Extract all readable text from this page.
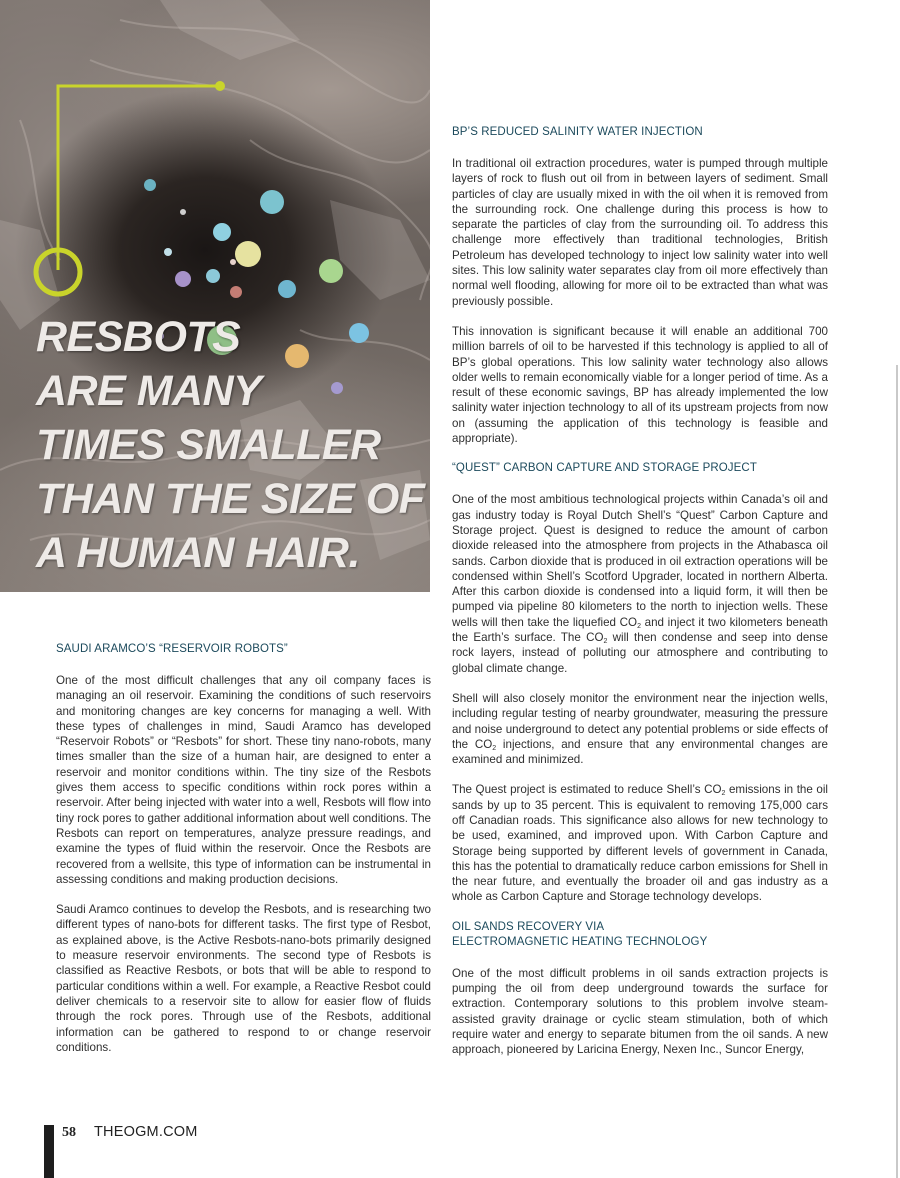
RESBOTS
ARE MANY
TIMES SMALLER
THAN THE SIZE OF
A HUMAN HAIR.
SAUDI ARAMCO’S “RESERVOIR ROBOTS”

One of the most difficult challenges that any oil company faces is managing an oil reservoir. Examining the conditions of such reservoirs and monitoring changes are key concerns for managing a well. With these types of challenges in mind, Saudi Aramco has developed “Reservoir Robots” or “Resbots” for short. These tiny nano-robots, many times smaller than the size of a human hair, are designed to enter a reservoir and monitor conditions within. The tiny size of the Resbots gives them access to specific conditions within rock pores within a reservoir. After being injected with water into a well, Resbots will flow into tiny rock pores to gather additional information about well conditions. The Resbots can report on temperatures, analyze pressure readings, and examine the types of fluid within the reservoir. Once the Resbots are recovered from a wellsite, this type of information can be instrumental in assessing conditions and making production decisions.

Saudi Aramco continues to develop the Resbots, and is researching two different types of nano-bots for different tasks. The first type of Resbot, as explained above, is the Active Resbots-nano-bots primarily designed to measure reservoir environments. The second type of Resbots is classified as Reactive Resbots, or bots that will be able to respond to particular conditions within a well. For example, a Reactive Resbot could deliver chemicals to a reservoir site to allow for easier flow of fluids through the rock pores. Through use of the Resbots, additional information can be gathered to respond to or change reservoir conditions.

BP’S REDUCED SALINITY WATER INJECTION

In traditional oil extraction procedures, water is pumped through multiple layers of rock to flush out oil from in between layers of sediment. Small particles of clay are usually mixed in with the oil when it is removed from the surrounding rock. One challenge during this process is how to separate the particles of clay from the surrounding oil. To address this challenge more effectively than traditional technologies, British Petroleum has developed technology to inject low salinity water into well sites. This low salinity water separates clay from oil more effectively than normal well flooding, allowing for more oil to be extracted than what was previously possible.

This innovation is significant because it will enable an additional 700 million barrels of oil to be harvested if this technology is applied to all of BP’s global operations. This low salinity water technology also allows older wells to remain economically viable for a longer period of time. As a result of these economic savings, BP has already implemented the low salinity water injection technology to all of its upstream projects from now on (assuming the application of this technology is feasible and appropriate).

“QUEST” CARBON CAPTURE AND STORAGE PROJECT

One of the most ambitious technological projects within Canada’s oil and gas industry today is Royal Dutch Shell’s “Quest” Carbon Capture and Storage project. Quest is designed to reduce the amount of carbon dioxide released into the atmosphere from projects in the Athabasca oil sands. Carbon dioxide that is produced in oil extraction operations will be condensed within Shell’s Scotford Upgrader, located in northern Alberta. After this carbon dioxide is condensed into a liquid form, it will then be pumped via pipeline 80 kilometers to the north to injection wells. These wells will then take the liquefied $CO_2$ and inject it two kilometers beneath the Earth’s surface. The $CO_2$ will then condense and seep into dense rock layers, instead of polluting our atmosphere and contributing to global climate change.

Shell will also closely monitor the environment near the injection wells, including regular testing of nearby groundwater, measuring the pressure and noise underground to detect any potential problems or side effects of the $CO_2$ injections, and ensure that any environmental changes are examined and minimized.

The Quest project is estimated to reduce Shell’s $CO_2$ emissions in the oil sands by up to 35 percent. This is equivalent to removing 175,000 cars off Canadian roads. This significance also allows for new technology to be used, examined, and improved upon. With Carbon Capture and Storage being supported by different levels of government in Canada, this has the potential to dramatically reduce carbon emissions for Shell in the near future, and eventually the broader oil and gas industry as a whole as Carbon Capture and Storage technology develops.

OIL SANDS RECOVERY VIA
ELECTROMAGNETIC HEATING TECHNOLOGY

One of the most difficult problems in oil sands extraction projects is pumping the oil from deep underground towards the surface for extraction. Contemporary solutions to this problem involve steam-assisted gravity drainage or cyclic steam stimulation, both of which require water and energy to separate bitumen from the oil sands. A new approach, pioneered by Laricina Energy, Nexen Inc., Suncor Energy,

58 THEOGM.COM
